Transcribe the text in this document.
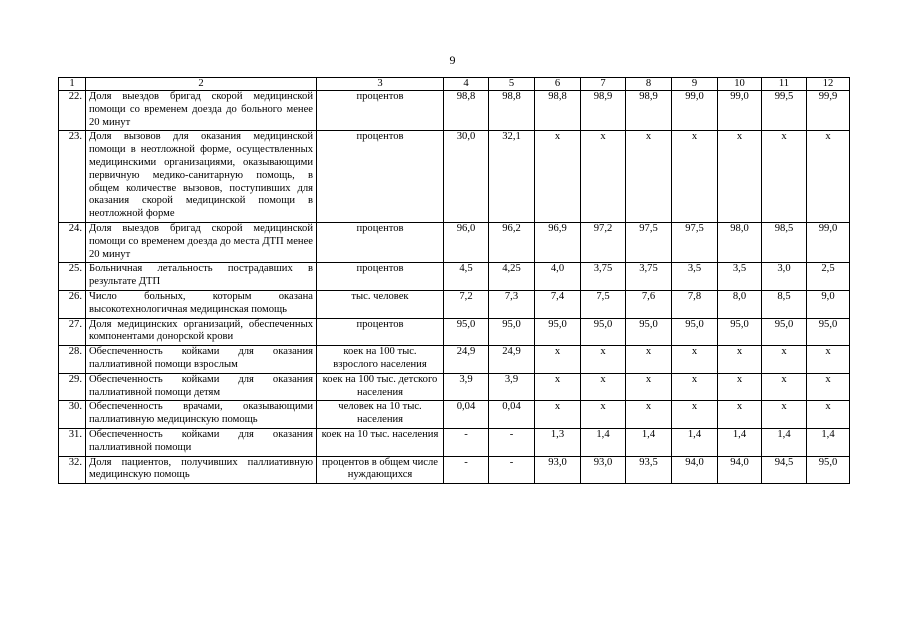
9
1	2	3	4	5	6	7	8	9	10	11	12
22.	Доля выездов бригад скорой медицинской помощи со временем доезда до больного менее 20 минут	процентов	98,8	98,8	98,8	98,9	98,9	99,0	99,0	99,5	99,9
23.	Доля вызовов для оказания медицинской помощи в неотложной форме, осуществленных медицинскими организациями, оказывающими первичную медико-санитарную помощь, в общем количестве вызовов, поступивших для оказания скорой медицинской помощи в неотложной форме	процентов	30,0	32,1	х	х	х	х	х	х	х
24.	Доля выездов бригад скорой медицинской помощи со временем доезда до места ДТП менее 20 минут	процентов	96,0	96,2	96,9	97,2	97,5	97,5	98,0	98,5	99,0
25.	Больничная летальность пострадавших в результате ДТП	процентов	4,5	4,25	4,0	3,75	3,75	3,5	3,5	3,0	2,5
26.	Число больных, которым оказана высокотехнологичная медицинская помощь	тыс. человек	7,2	7,3	7,4	7,5	7,6	7,8	8,0	8,5	9,0
27.	Доля медицинских организаций, обеспеченных компонентами донорской крови	процентов	95,0	95,0	95,0	95,0	95,0	95,0	95,0	95,0	95,0
28.	Обеспеченность койками для оказания паллиативной помощи взрослым	коек на 100 тыс. взрослого населения	24,9	24,9	х	х	х	х	х	х	х
29.	Обеспеченность койками для оказания паллиативной помощи детям	коек на 100 тыс. детского населения	3,9	3,9	х	х	х	х	х	х	х
30.	Обеспеченность врачами, оказывающими паллиативную медицинскую помощь	человек на 10 тыс. населения	0,04	0,04	х	х	х	х	х	х	х
31.	Обеспеченность койками для оказания паллиативной помощи	коек на 10 тыс. населения	-	-	1,3	1,4	1,4	1,4	1,4	1,4	1,4
32.	Доля пациентов, получивших паллиативную медицинскую помощь	процентов в общем числе нуждающихся	-	-	93,0	93,0	93,5	94,0	94,0	94,5	95,0
